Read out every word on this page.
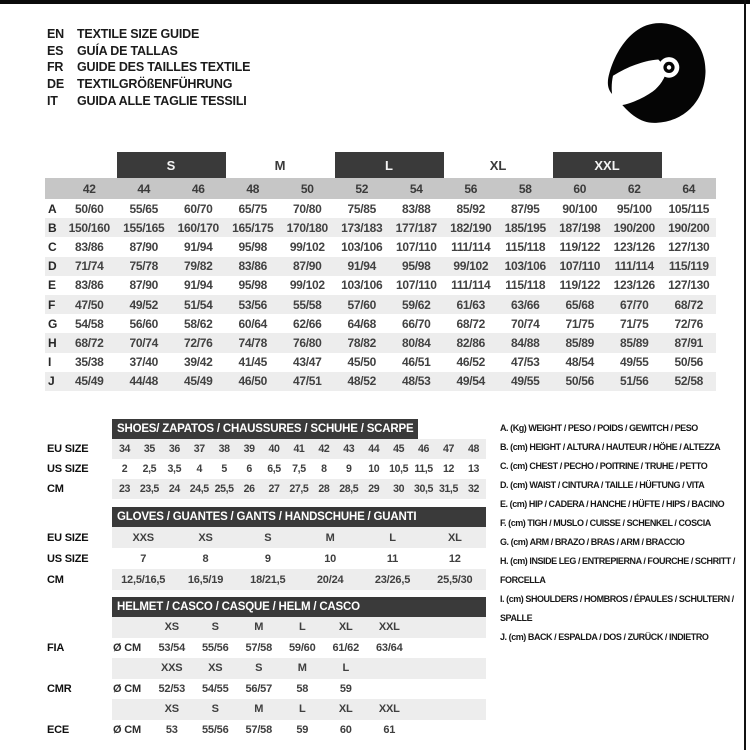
EN	TEXTILE SIZE GUIDE
ES	GUÍA DE TALLAS
FR	GUIDE DES TAILLES TEXTILE
DE	TEXTILGRÖßENFÜHRUNG
IT	GUIDA ALLE TAGLIE TESSILI
		S		M		L		XL		XXL		
	42	44	46	48	50	52	54	56	58	60	62	64
A	50/60	55/65	60/70	65/75	70/80	75/85	83/88	85/92	87/95	90/100	95/100	105/115
B	150/160	155/165	160/170	165/175	170/180	173/183	177/187	182/190	185/195	187/198	190/200	190/200
C	83/86	87/90	91/94	95/98	99/102	103/106	107/110	111/114	115/118	119/122	123/126	127/130
D	71/74	75/78	79/82	83/86	87/90	91/94	95/98	99/102	103/106	107/110	111/114	115/119
E	83/86	87/90	91/94	95/98	99/102	103/106	107/110	111/114	115/118	119/122	123/126	127/130
F	47/50	49/52	51/54	53/56	55/58	57/60	59/62	61/63	63/66	65/68	67/70	68/72
G	54/58	56/60	58/62	60/64	62/66	64/68	66/70	68/72	70/74	71/75	71/75	72/76
H	68/72	70/74	72/76	74/78	76/80	78/82	80/84	82/86	84/88	85/89	85/89	87/91
I	35/38	37/40	39/42	41/45	43/47	45/50	46/51	46/52	47/53	48/54	49/55	50/56
J	45/49	44/48	45/49	46/50	47/51	48/52	48/53	49/54	49/55	50/56	51/56	52/58
SHOES/ ZAPATOS / CHAUSSURES / SCHUHE / SCARPE
EU SIZE	34	35	36	37	38	39	40	41	42	43	44	45	46	47	48
US SIZE	2	2,5	3,5	4	5	6	6,5	7,5	8	9	10	10,5	11,5	12	13
CM	23	23,5	24	24,5	25,5	26	27	27,5	28	28,5	29	30	30,5	31,5	32
GLOVES / GUANTES / GANTS / HANDSCHUHE / GUANTI
EU SIZE	XXS	XS	S	M	L	XL
US SIZE	7	8	9	10	11	12
CM	12,5/16,5	16,5/19	18/21,5	20/24	23/26,5	25,5/30
HELMET / CASCO / CASQUE / HELM / CASCO
		XS	S	M	L	XL	XXL	
FIA	Ø CM	53/54	55/56	57/58	59/60	61/62	63/64	
		XXS	XS	S	M	L		
CMR	Ø CM	52/53	54/55	56/57	58	59		
		XS	S	M	L	XL	XXL	
ECE	Ø CM	53	55/56	57/58	59	60	61	
A. (Kg) WEIGHT / PESO / POIDS / GEWITCH / PESO
B. (cm) HEIGHT / ALTURA / HAUTEUR / HÖHE / ALTEZZA
C. (cm) CHEST / PECHO / POITRINE / TRUHE / PETTO
D. (cm) WAIST / CINTURA / TAILLE / HÜFTUNG / VITA
E. (cm) HIP / CADERA / HANCHE / HÜFTE / HIPS / BACINO
F. (cm) TIGH / MUSLO / CUISSE / SCHENKEL / COSCIA
G. (cm) ARM / BRAZO / BRAS / ARM / BRACCIO
H. (cm) INSIDE LEG / ENTREPIERNA / FOURCHE / SCHRITT / FORCELLA
I. (cm) SHOULDERS / HOMBROS / ÉPAULES / SCHULTERN / SPALLE
J. (cm) BACK / ESPALDA / DOS / ZURÜCK / INDIETRO
